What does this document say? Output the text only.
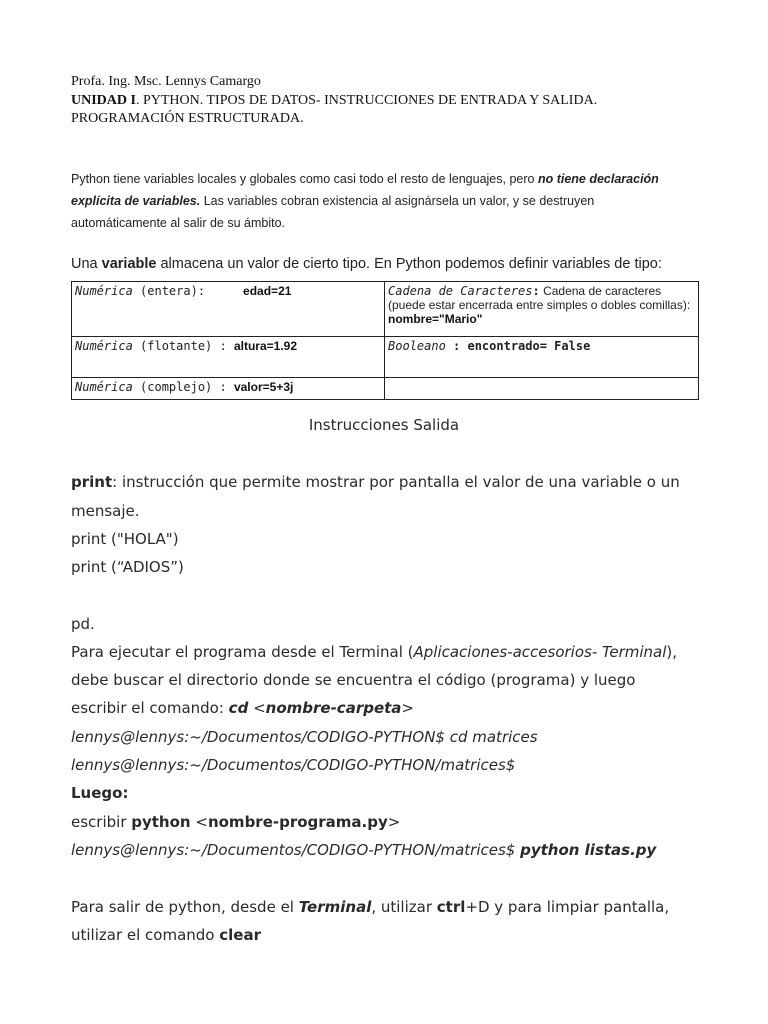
Profa. Ing. Msc. Lennys Camargo
UNIDAD I. PYTHON. TIPOS DE DATOS- INSTRUCCIONES DE ENTRADA Y SALIDA.
PROGRAMACIÓN ESTRUCTURADA.
Python tiene variables locales y globales como casi todo el resto de lenguajes, pero no tiene declaración
explícita de variables. Las variables cobran existencia al asignársela un valor, y se destruyen
automáticamente al salir de su ámbito.
Una variable almacena un valor de cierto tipo. En Python podemos definir variables de tipo:
Numérica (entera): edad=21	Cadena de Caracteres: Cadena de caracteres (puede estar encerrada entre simples o dobles comillas): nombre="Mario"
Numérica (flotante) : altura=1.92	Booleano : encontrado= False
Numérica (complejo) : valor=5+3j	
Instrucciones Salida
print: instrucción que permite mostrar por pantalla el valor de una variable o un
mensaje.
print ("HOLA")
print (“ADIOS”)
pd.
Para ejecutar el programa desde el Terminal (Aplicaciones-accesorios- Terminal),
debe buscar el directorio donde se encuentra el código (programa) y luego
escribir el comando: cd <nombre-carpeta>
lennys@lennys:~/Documentos/CODIGO-PYTHON$ cd matrices
lennys@lennys:~/Documentos/CODIGO-PYTHON/matrices$
Luego:
escribir python <nombre-programa.py>
lennys@lennys:~/Documentos/CODIGO-PYTHON/matrices$ python listas.py
Para salir de python, desde el Terminal, utilizar ctrl+D y para limpiar pantalla,
utilizar el comando clear
